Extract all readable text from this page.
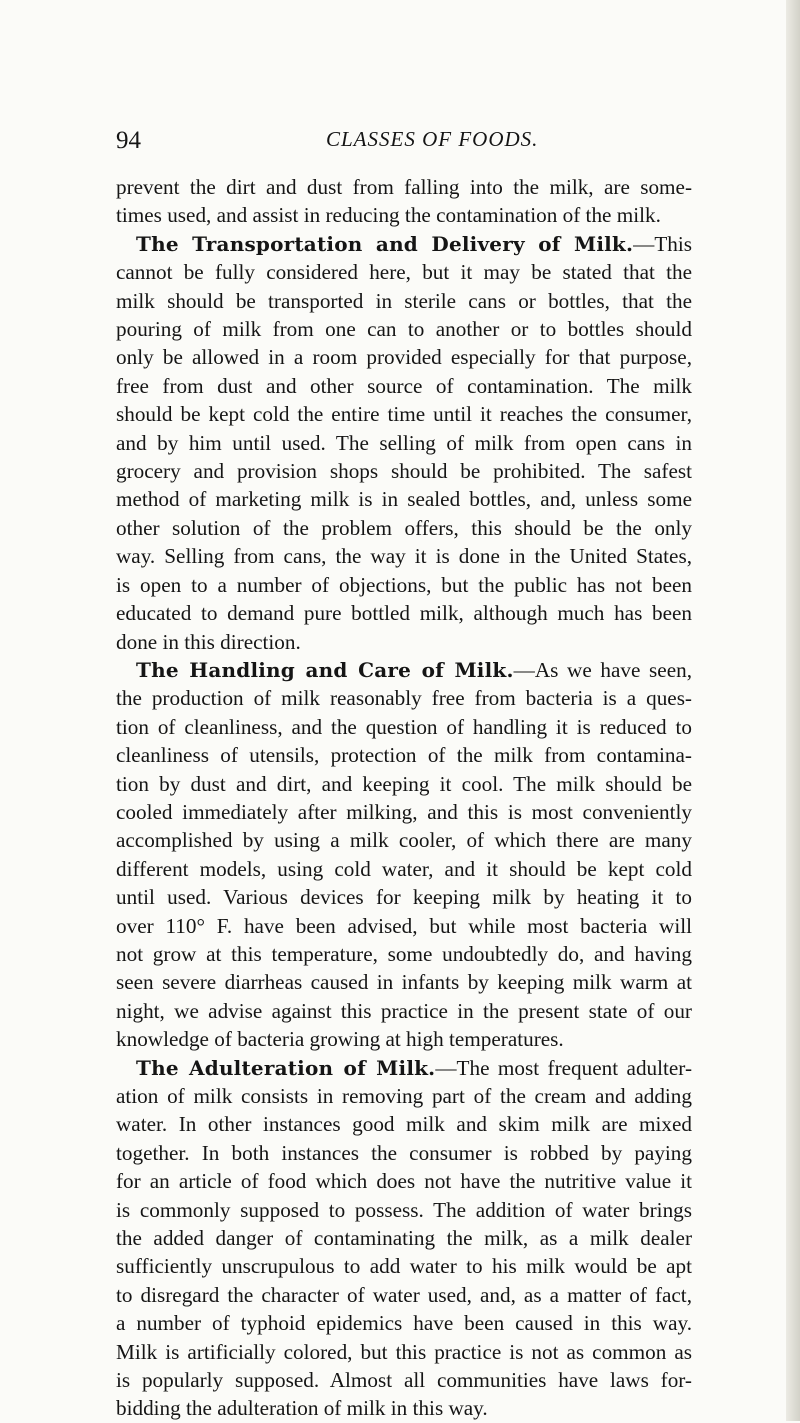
94	CLASSES OF FOODS.
prevent the dirt and dust from falling into the milk, are some-
times used, and assist in reducing the contamination of the milk.
The Transportation and Delivery of Milk.—This
cannot be fully considered here, but it may be stated that the
milk should be transported in sterile cans or bottles, that the
pouring of milk from one can to another or to bottles should
only be allowed in a room provided especially for that purpose,
free from dust and other source of contamination. The milk
should be kept cold the entire time until it reaches the consumer,
and by him until used. The selling of milk from open cans in
grocery and provision shops should be prohibited. The safest
method of marketing milk is in sealed bottles, and, unless some
other solution of the problem offers, this should be the only
way. Selling from cans, the way it is done in the United States,
is open to a number of objections, but the public has not been
educated to demand pure bottled milk, although much has been
done in this direction.
The Handling and Care of Milk.—As we have seen,
the production of milk reasonably free from bacteria is a ques-
tion of cleanliness, and the question of handling it is reduced to
cleanliness of utensils, protection of the milk from contamina-
tion by dust and dirt, and keeping it cool. The milk should be
cooled immediately after milking, and this is most conveniently
accomplished by using a milk cooler, of which there are many
different models, using cold water, and it should be kept cold
until used. Various devices for keeping milk by heating it to
over 110° F. have been advised, but while most bacteria will
not grow at this temperature, some undoubtedly do, and having
seen severe diarrheas caused in infants by keeping milk warm at
night, we advise against this practice in the present state of our
knowledge of bacteria growing at high temperatures.
The Adulteration of Milk.—The most frequent adulter-
ation of milk consists in removing part of the cream and adding
water. In other instances good milk and skim milk are mixed
together. In both instances the consumer is robbed by paying
for an article of food which does not have the nutritive value it
is commonly supposed to possess. The addition of water brings
the added danger of contaminating the milk, as a milk dealer
sufficiently unscrupulous to add water to his milk would be apt
to disregard the character of water used, and, as a matter of fact,
a number of typhoid epidemics have been caused in this way.
Milk is artificially colored, but this practice is not as common as
is popularly supposed. Almost all communities have laws for-
bidding the adulteration of milk in this way.
